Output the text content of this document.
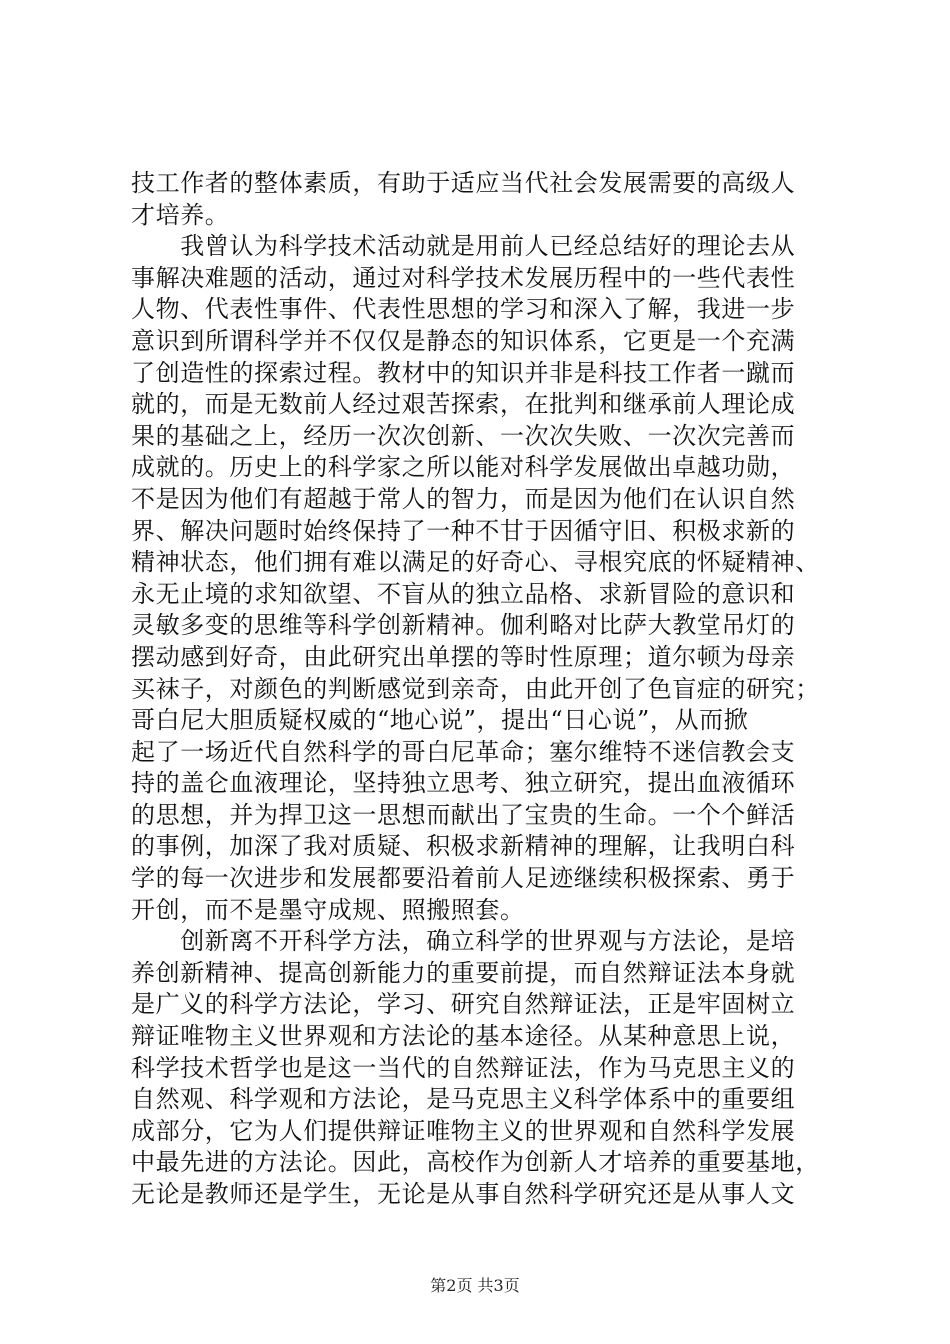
技工作者的整体素质，有助于适应当代社会发展需要的高级人
才培养。
　　我曾认为科学技术活动就是用前人已经总结好的理论去从
事解决难题的活动，通过对科学技术发展历程中的一些代表性
人物、代表性事件、代表性思想的学习和深入了解，我进一步
意识到所谓科学并不仅仅是静态的知识体系，它更是一个充满
了创造性的探索过程。教材中的知识并非是科技工作者一蹴而
就的，而是无数前人经过艰苦探索，在批判和继承前人理论成
果的基础之上，经历一次次创新、一次次失败、一次次完善而
成就的。历史上的科学家之所以能对科学发展做出卓越功勋，
不是因为他们有超越于常人的智力，而是因为他们在认识自然
界、解决问题时始终保持了一种不甘于因循守旧、积极求新的
精神状态，他们拥有难以满足的好奇心、寻根究底的怀疑精神、
永无止境的求知欲望、不盲从的独立品格、求新冒险的意识和
灵敏多变的思维等科学创新精神。伽利略对比萨大教堂吊灯的
摆动感到好奇，由此研究出单摆的等时性原理；道尔顿为母亲
买袜子，对颜色的判断感觉到亲奇，由此开创了色盲症的研究；
哥白尼大胆质疑权威的“地心说”，提出“日心说”，从而掀
起了一场近代自然科学的哥白尼革命；塞尔维特不迷信教会支
持的盖仑血液理论，坚持独立思考、独立研究，提出血液循环
的思想，并为捍卫这一思想而献出了宝贵的生命。一个个鲜活
的事例，加深了我对质疑、积极求新精神的理解，让我明白科
学的每一次进步和发展都要沿着前人足迹继续积极探索、勇于
开创，而不是墨守成规、照搬照套。
　　创新离不开科学方法，确立科学的世界观与方法论，是培
养创新精神、提高创新能力的重要前提，而自然辩证法本身就
是广义的科学方法论，学习、研究自然辩证法，正是牢固树立
辩证唯物主义世界观和方法论的基本途径。从某种意思上说，
科学技术哲学也是这一当代的自然辩证法，作为马克思主义的
自然观、科学观和方法论，是马克思主义科学体系中的重要组
成部分，它为人们提供辩证唯物主义的世界观和自然科学发展
中最先进的方法论。因此，高校作为创新人才培养的重要基地，
无论是教师还是学生，无论是从事自然科学研究还是从事人文
第2页 共3页
